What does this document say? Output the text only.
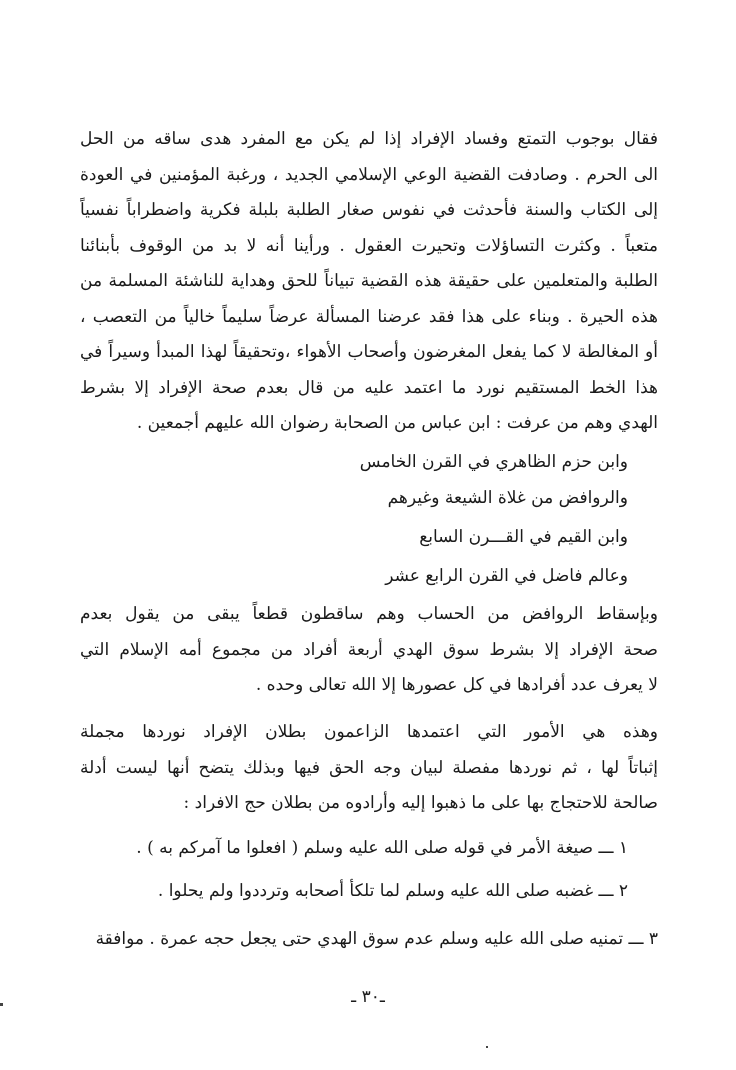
فقال بوجوب التمتع وفساد الإفراد إذا لم يكن مع المفرد هدى ساقه من الحل
الى الحرم . وصادفت القضية الوعي الإسلامي الجديد ، ورغبة المؤمنين في العودة
إلى الكتاب والسنة فأحدثت في نفوس صغار الطلبة بلبلة فكرية واضطراباً نفسياً
متعباً . وكثرت التساؤلات وتحيرت العقول . ورأينا أنه لا بد من الوقوف بأبنائنا
الطلبة والمتعلمين على حقيقة هذه القضية تبياناً للحق وهداية للناشئة المسلمة من
هذه الحيرة . وبناء على هذا فقد عرضنا المسألة عرضاً سليماً خالياً من التعصب ،
أو المغالطة لا كما يفعل المغرضون وأصحاب الأهواء ،وتحقيقاً لهذا المبدأ وسيراً في
هذا الخط المستقيم نورد ما اعتمد عليه من قال بعدم صحة الإفراد إلا بشرط
الهدي وهم من عرفت : ابن عباس من الصحابة رضوان الله عليهم أجمعين .
وابن حزم الظاهري في القرن الخامس
والروافض من غلاة الشيعة وغيرهم
وابن القيم في القـــرن السابع
وعالم فاضل في القرن الرابع عشر
وبإسقاط الروافض من الحساب وهم ساقطون قطعاً يبقى من يقول بعدم
صحة الإفراد إلا بشرط سوق الهدي أربعة أفراد من مجموع أمه الإسلام التي
لا يعرف عدد أفرادها في كل عصورها إلا الله تعالى وحده .
وهذه هي الأمور التي اعتمدها الزاعمون بطلان الإفراد نوردها مجملة
إثباتاً لها ، ثم نوردها مفصلة لبيان وجه الحق فيها وبذلك يتضح أنها ليست أدلة
صالحة للاحتجاج بها على ما ذهبوا إليه وأرادوه من بطلان حج الافراد :
١ ـــ صيغة الأمر في قوله صلى الله عليه وسلم ( افعلوا ما آمركم به ) .
٢ ـــ غضبه صلى الله عليه وسلم لما تلكأ أصحابه وترددوا ولم يحلوا .
٣ ـــ تمنيه صلى الله عليه وسلم عدم سوق الهدي حتى يجعل حجه عمرة . موافقة
ـ٣٠ ـ
